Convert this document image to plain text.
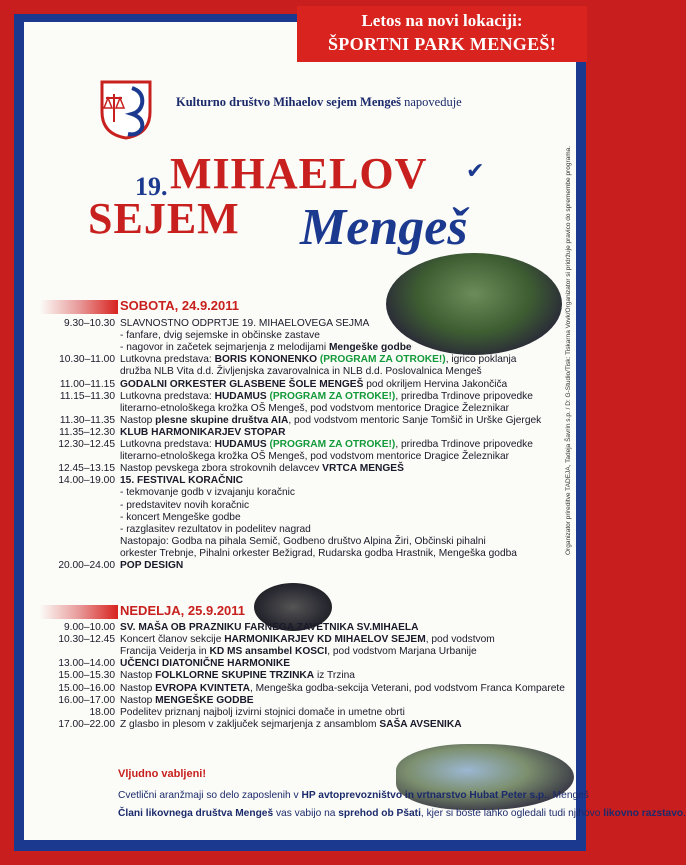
Letos na novi lokaciji:
ŠPORTNI PARK MENGEŠ!
Kulturno društvo Mihaelov sejem Mengeš napoveduje
19. MIHAELOV ✔
SEJEM Mengeš
SOBOTA, 24.9.2011
9.30–10.30 SLAVNOSTNO ODPRTJE 19. MIHAELOVEGA SEJMA
- fanfare, dvig sejemske in občinske zastave
- nagovor in začetek sejmarjenja z melodijami Mengeške godbe
10.30–11.00 Lutkovna predstava: BORIS KONONENKO (PROGRAM ZA OTROKE!), igrico poklanja
družba NLB Vita d.d. Življenjska zavarovalnica in NLB d.d. Poslovalnica Mengeš
11.00–11.15 GODALNI ORKESTER GLASBENE ŠOLE MENGEŠ pod okriljem Hervina Jakončiča
11.15–11.30 Lutkovna predstava: HUDAMUS (PROGRAM ZA OTROKE!), priredba Trdinove pripovedke
literarno-etnološkega krožka OŠ Mengeš, pod vodstvom mentorice Dragice Železnikar
11.30–11.35 Nastop plesne skupine društva AIA, pod vodstvom mentoric Sanje Tomšič in Urške Gjergek
11.35–12.30 KLUB HARMONIKARJEV STOPAR
12.30–12.45 Lutkovna predstava: HUDAMUS (PROGRAM ZA OTROKE!), priredba Trdinove pripovedke
literarno-etnološkega krožka OŠ Mengeš, pod vodstvom mentorice Dragice Železnikar
12.45–13.15 Nastop pevskega zbora strokovnih delavcev VRTCA MENGEŠ
14.00–19.00 15. FESTIVAL KORAČNIC
- tekmovanje godb v izvajanju koračnic
- predstavitev novih koračnic
- koncert Mengeške godbe
- razglasitev rezultatov in podelitev nagrad
Nastopajo: Godba na pihala Semič, Godbeno društvo Alpina Žiri, Občinski pihalni
orkester Trebnje, Pihalni orkester Bežigrad, Rudarska godba Hrastnik, Mengeška godba
20.00–24.00 POP DESIGN
NEDELJA, 25.9.2011
9.00–10.00 SV. MAŠA OB PRAZNIKU FARNEGA ZAVETNIKA SV.MIHAELA
10.30–12.45 Koncert članov sekcije HARMONIKARJEV KD MIHAELOV SEJEM, pod vodstvom
Francija Veiderja in KD MS ansambel KOSCI, pod vodstvom Marjana Urbanije
13.00–14.00 UČENCI DIATONIČNE HARMONIKE
15.00–15.30 Nastop FOLKLORNE SKUPINE TRZINKA iz Trzina
15.00–16.00 Nastop EVROPA KVINTETA, Mengeška godba-sekcija Veterani, pod vodstvom Franca Komparete
16.00–17.00 Nastop MENGEŠKE GODBE
18.00 Podelitev priznanj najbolj izvirni stojnici domače in umetne obrti
17.00–22.00 Z glasbo in plesom v zaključek sejmarjenja z ansamblom SAŠA AVSENIKA
Vljudno vabljeni!
Cvetlični aranžmaji so delo zaposlenih v HP avtoprevozništvo in vrtnarstvo Hubat Peter s.p., Mengeš
Člani likovnega društva Mengeš vas vabijo na sprehod ob Pšati, kjer si boste lahko ogledali tudi njihovo likovno razstavo.
Organizator prireditve TADEJA, Tadeja Šavrin s.p. / D: G-Studio/Tisk: Tiskarna Vovk/Organizator si pridržuje pravico do spremembe programa.
